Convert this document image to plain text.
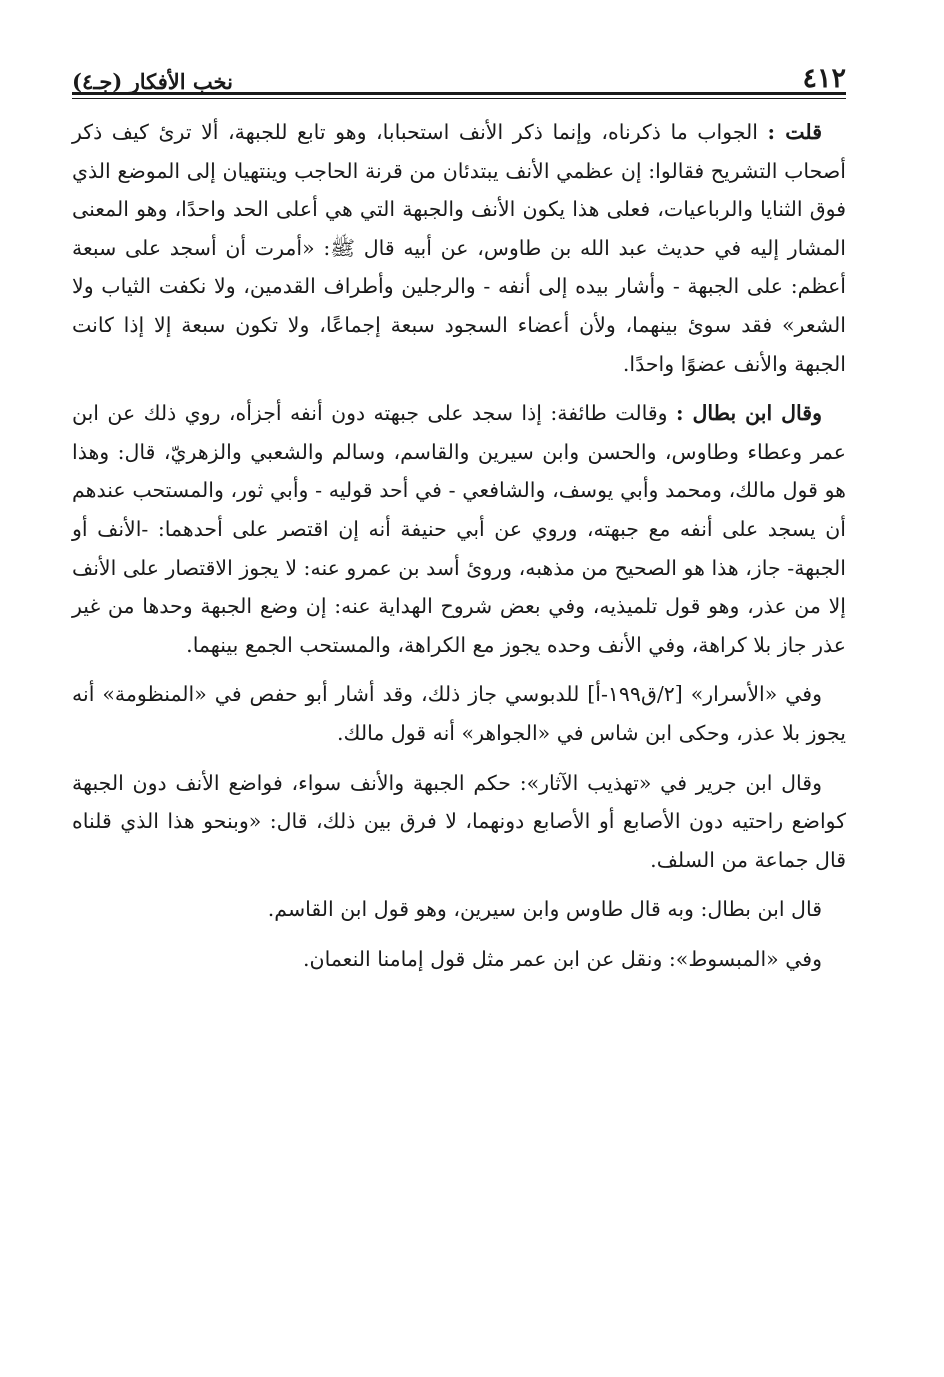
٤١٢
نخب الأفكار (جـ٤)

قلت : الجواب ما ذكرناه، وإنما ذكر الأنف استحبابا، وهو تابع للجبهة، ألا ترئ كيف ذكر أصحاب التشريح فقالوا: إن عظمي الأنف يبتدئان من قرنة الحاجب وينتهيان إلى الموضع الذي فوق الثنايا والرباعيات، فعلى هذا يكون الأنف والجبهة التي هي أعلى الحد واحدًا، وهو المعنى المشار إليه في حديث عبد الله بن طاوس، عن أبيه قال ﷺ: «أمرت أن أسجد على سبعة أعظم: على الجبهة - وأشار بيده إلى أنفه - والرجلين وأطراف القدمين، ولا نكفت الثياب ولا الشعر» فقد سوئ بينهما، ولأن أعضاء السجود سبعة إجماعًا، ولا تكون سبعة إلا إذا كانت الجبهة والأنف عضوًا واحدًا.

وقال ابن بطال : وقالت طائفة: إذا سجد على جبهته دون أنفه أجزأه، روي ذلك عن ابن عمر وعطاء وطاوس، والحسن وابن سيرين والقاسم، وسالم والشعبي والزهريّ، قال: وهذا هو قول مالك، ومحمد وأبي يوسف، والشافعي - في أحد قوليه - وأبي ثور، والمستحب عندهم أن يسجد على أنفه مع جبهته، وروي عن أبي حنيفة أنه إن اقتصر على أحدهما: -الأنف أو الجبهة- جاز، هذا هو الصحيح من مذهبه، وروئ أسد بن عمرو عنه: لا يجوز الاقتصار على الأنف إلا من عذر، وهو قول تلميذيه، وفي بعض شروح الهداية عنه: إن وضع الجبهة وحدها من غير عذر جاز بلا كراهة، وفي الأنف وحده يجوز مع الكراهة، والمستحب الجمع بينهما.

وفي «الأسرار» [٢/ق١٩٩-أ] للدبوسي جاز ذلك، وقد أشار أبو حفص في «المنظومة» أنه يجوز بلا عذر، وحكى ابن شاس في «الجواهر» أنه قول مالك.

وقال ابن جرير في «تهذيب الآثار»: حكم الجبهة والأنف سواء، فواضع الأنف دون الجبهة كواضع راحتيه دون الأصابع أو الأصابع دونهما، لا فرق بين ذلك، قال: «وبنحو هذا الذي قلناه قال جماعة من السلف.

قال ابن بطال: وبه قال طاوس وابن سيرين، وهو قول ابن القاسم.

وفي «المبسوط»: ونقل عن ابن عمر مثل قول إمامنا النعمان.
